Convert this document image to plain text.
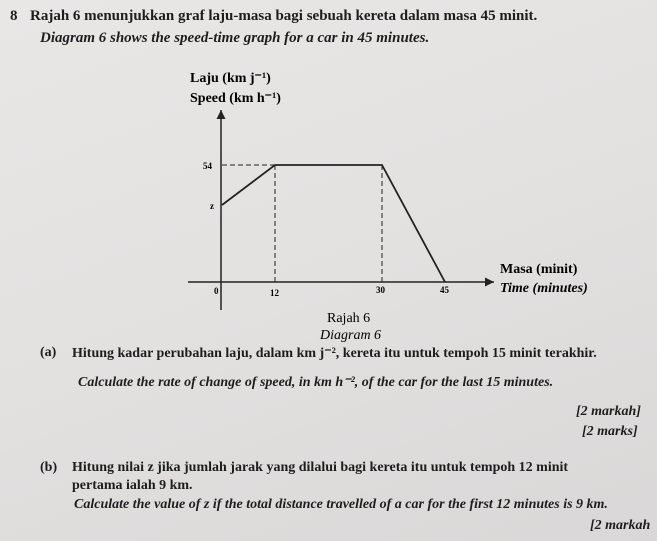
8 Rajah 6 menunjukkan graf laju-masa bagi sebuah kereta dalam masa 45 minit.
Diagram 6 shows the speed-time graph for a car in 45 minutes.
Laju (km j⁻¹)
Speed (km h⁻¹)
54
z
0	12	30	45
Masa (minit)
Time (minutes)
Rajah 6
Diagram 6
(a) Hitung kadar perubahan laju, dalam km j⁻², kereta itu untuk tempoh 15 minit terakhir.
Calculate the rate of change of speed, in km h⁻², of the car for the last 15 minutes.
[2 markah]
[2 marks]
(b) Hitung nilai z jika jumlah jarak yang dilalui bagi kereta itu untuk tempoh 12 minit
pertama ialah 9 km.
Calculate the value of z if the total distance travelled of a car for the first 12 minutes is 9 km.
[2 markah
